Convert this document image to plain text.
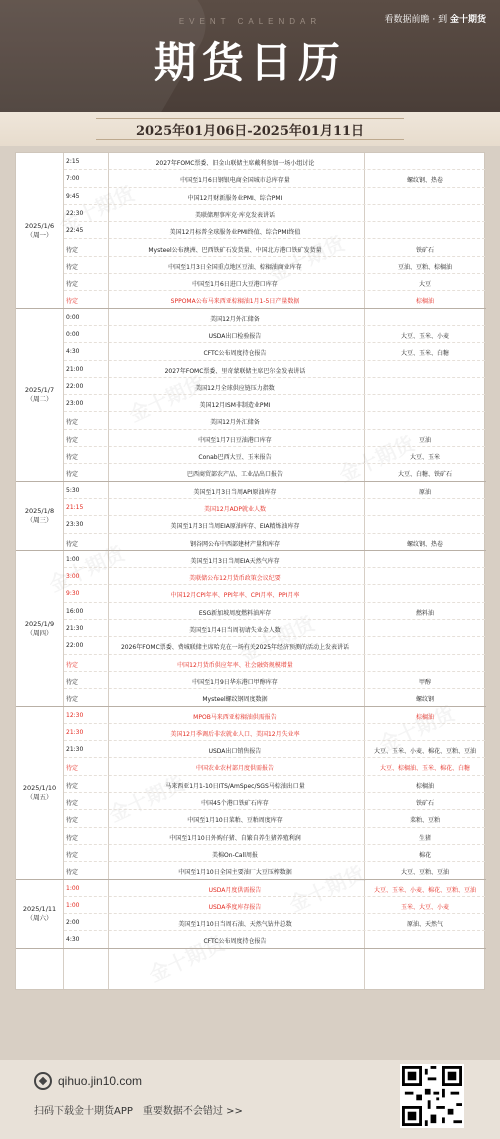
看数据前瞻 · 到 金十期货
EVENT CALENDAR
期货日历
2025年01月06日-2025年01月11日
2025/1/6
（周一）
2:15	2027年FOMC票委、旧金山联储主席戴利参加一场小组讨论
7:00	中国至1月6日钢银电商全国城市总库存量	螺纹钢、热卷
9:45	中国12月财新服务业PMI、综合PMI
22:30	美联储理事库克·库克发表讲话
22:45	美国12月标普全球服务业PMI终值、综合PMI终值
待定	Mysteel公布澳洲、巴西铁矿石发货量、中国北方港口铁矿发货量	铁矿石
待定	中国至1月3日全国重点地区豆油、棕榈油商业库存	豆油、豆粕、棕榈油
待定	中国至1月6日进口大豆港口库存	大豆
待定	SPPOMA公布马来西亚棕榈油1月1-5日产量数据	棕榈油
2025/1/7
（周二）
0:00	美国12月外汇储备
0:00	USDA出口检验报告	大豆、玉米、小麦
4:30	CFTC公布周度持仓报告	大豆、玉米、白糖
21:00	2027年FOMC票委、里奇蒙联储主席巴尔金发表讲话
22:00	美国12月全球供应链压力指数
23:00	美国12月ISM非制造业PMI
待定	美国12月外汇储备
待定	中国至1月7日豆油港口库存	豆油
待定	Conab巴西大豆、玉米报告	大豆、玉米
待定	巴西商贸部农产品、工业品出口报告	大豆、白糖、铁矿石
2025/1/8
（周三）
5:30	美国至1月3日当周API原油库存	原油
21:15	美国12月ADP就业人数
23:30	美国至1月3日当周EIA原油库存、EIA精炼油库存
待定	钢谷网公布中西部建材产量和库存	螺纹钢、热卷
2025/1/9
（周四）
1:00	美国至1月3日当周EIA天然气库存
3:00	美联储公布12月货币政策会议纪要
9:30	中国12月CPI年率、PPI年率、CPI月率、PPI月率
16:00	ESG新加坡周度燃料油库存	燃料油
21:30	美国至1月4日当周初请失业金人数
22:00	2026年FOMC票委、费城联储主席哈克在一场有关2025年经济预测的活动上发表讲话
待定	中国12月货币供应年率、社会融资规模增量
待定	中国至1月9日华东港口甲醇库存	甲醇
待定	Mysteel螺纹钢周度数据	螺纹钢
2025/1/10
（周五）
12:30	MPOB马来西亚棕榈油供需报告	棕榈油
21:30	美国12月季调后非农就业人口、美国12月失业率
21:30	USDA出口销售报告	大豆、玉米、小麦、棉花、豆粕、豆油
待定	中国农业农村部月度供需报告	大豆、棕榈油、玉米、棉花、白糖
待定	马来西亚1月1-10日ITS/AmSpec/SGS马棕油出口量	棕榈油
待定	中国45个港口铁矿石库存	铁矿石
待定	中国至1月10日菜粕、豆粕周度库存	菜粕、豆粕
待定	中国至1月10日外购仔猪、自繁自养生猪养殖利润	生猪
待定	美棉On-Call周报	棉花
待定	中国至1月10日全国主要油厂大豆压榨数据	大豆、豆粕、豆油
2025/1/11
（周六）
1:00	USDA月度供需报告	大豆、玉米、小麦、棉花、豆粕、豆油
1:00	USDA季度库存报告	玉米、大豆、小麦
2:00	美国至1月10日当周石油、天然气钻井总数	原油、天然气
4:30	CFTC公布周度持仓报告
qihuo.jin10.com
扫码下载金十期货APP　重要数据不会错过 >>
